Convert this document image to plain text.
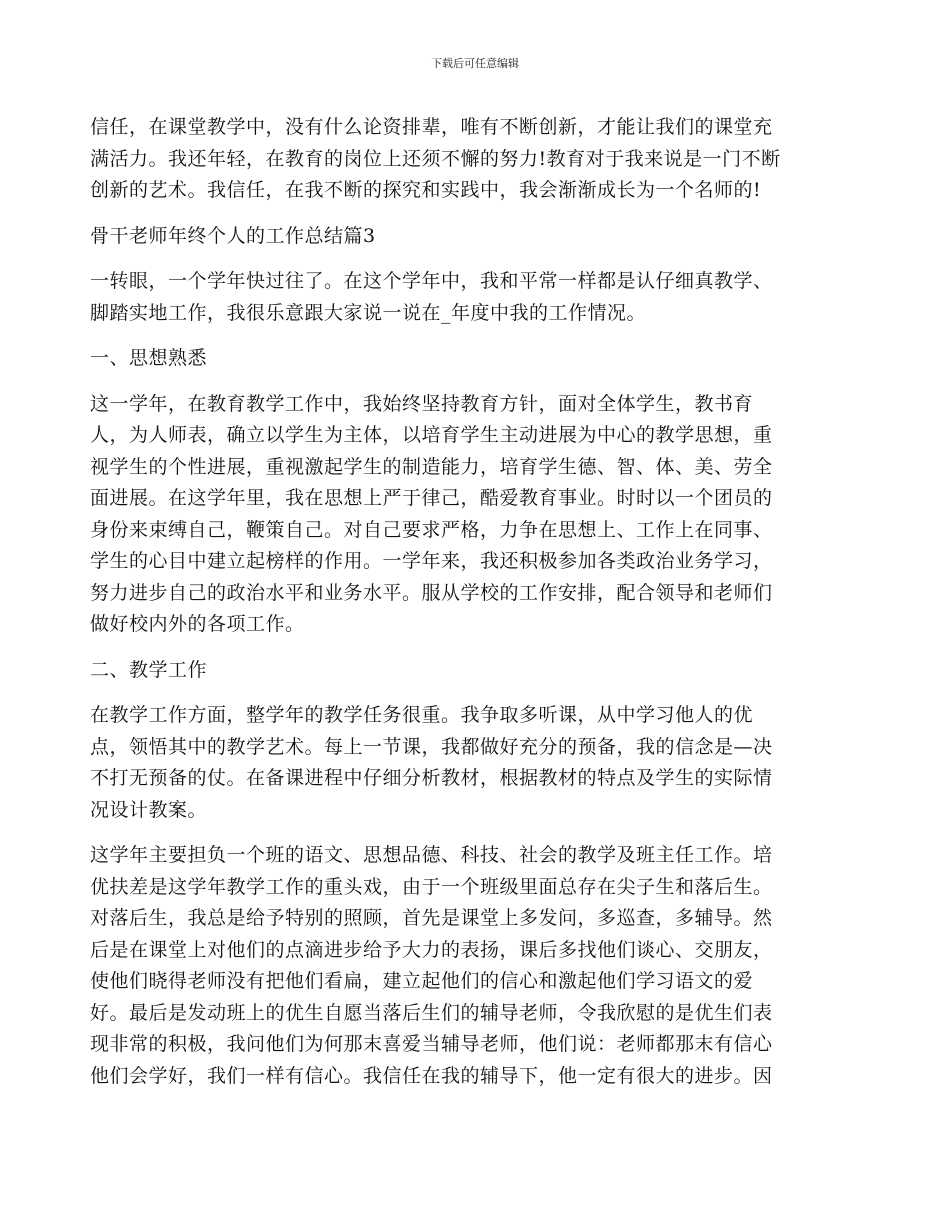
下载后可任意编辑

信任，在课堂教学中，没有什么论资排辈，唯有不断创新，才能让我们的课堂充
满活力。我还年轻，在教育的岗位上还须不懈的努力!教育对于我来说是一门不断
创新的艺术。我信任，在我不断的探究和实践中，我会渐渐成长为一个名师的!

骨干老师年终个人的工作总结篇3

一转眼，一个学年快过往了。在这个学年中，我和平常一样都是认仔细真教学、
脚踏实地工作，我很乐意跟大家说一说在_年度中我的工作情况。

一、思想熟悉

这一学年，在教育教学工作中，我始终坚持教育方针，面对全体学生，教书育
人，为人师表，确立以学生为主体，以培育学生主动进展为中心的教学思想，重
视学生的个性进展，重视激起学生的制造能力，培育学生德、智、体、美、劳全
面进展。在这学年里，我在思想上严于律己，酷爱教育事业。时时以一个团员的
身份来束缚自己，鞭策自己。对自己要求严格，力争在思想上、工作上在同事、
学生的心目中建立起榜样的作用。一学年来，我还积极参加各类政治业务学习，
努力进步自己的政治水平和业务水平。服从学校的工作安排，配合领导和老师们
做好校内外的各项工作。

二、教学工作

在教学工作方面，整学年的教学任务很重。我争取多听课，从中学习他人的优
点，领悟其中的教学艺术。每上一节课，我都做好充分的预备，我的信念是—决
不打无预备的仗。在备课进程中仔细分析教材，根据教材的特点及学生的实际情
况设计教案。

这学年主要担负一个班的语文、思想品德、科技、社会的教学及班主任工作。培
优扶差是这学年教学工作的重头戏，由于一个班级里面总存在尖子生和落后生。
对落后生，我总是给予特别的照顾，首先是课堂上多发问，多巡查，多辅导。然
后是在课堂上对他们的点滴进步给予大力的表扬，课后多找他们谈心、交朋友，
使他们晓得老师没有把他们看扁，建立起他们的信心和激起他们学习语文的爱
好。最后是发动班上的优生自愿当落后生们的辅导老师，令我欣慰的是优生们表
现非常的积极，我问他们为何那末喜爱当辅导老师，他们说：老师都那末有信心
他们会学好，我们一样有信心。我信任在我的辅导下，他一定有很大的进步。因
